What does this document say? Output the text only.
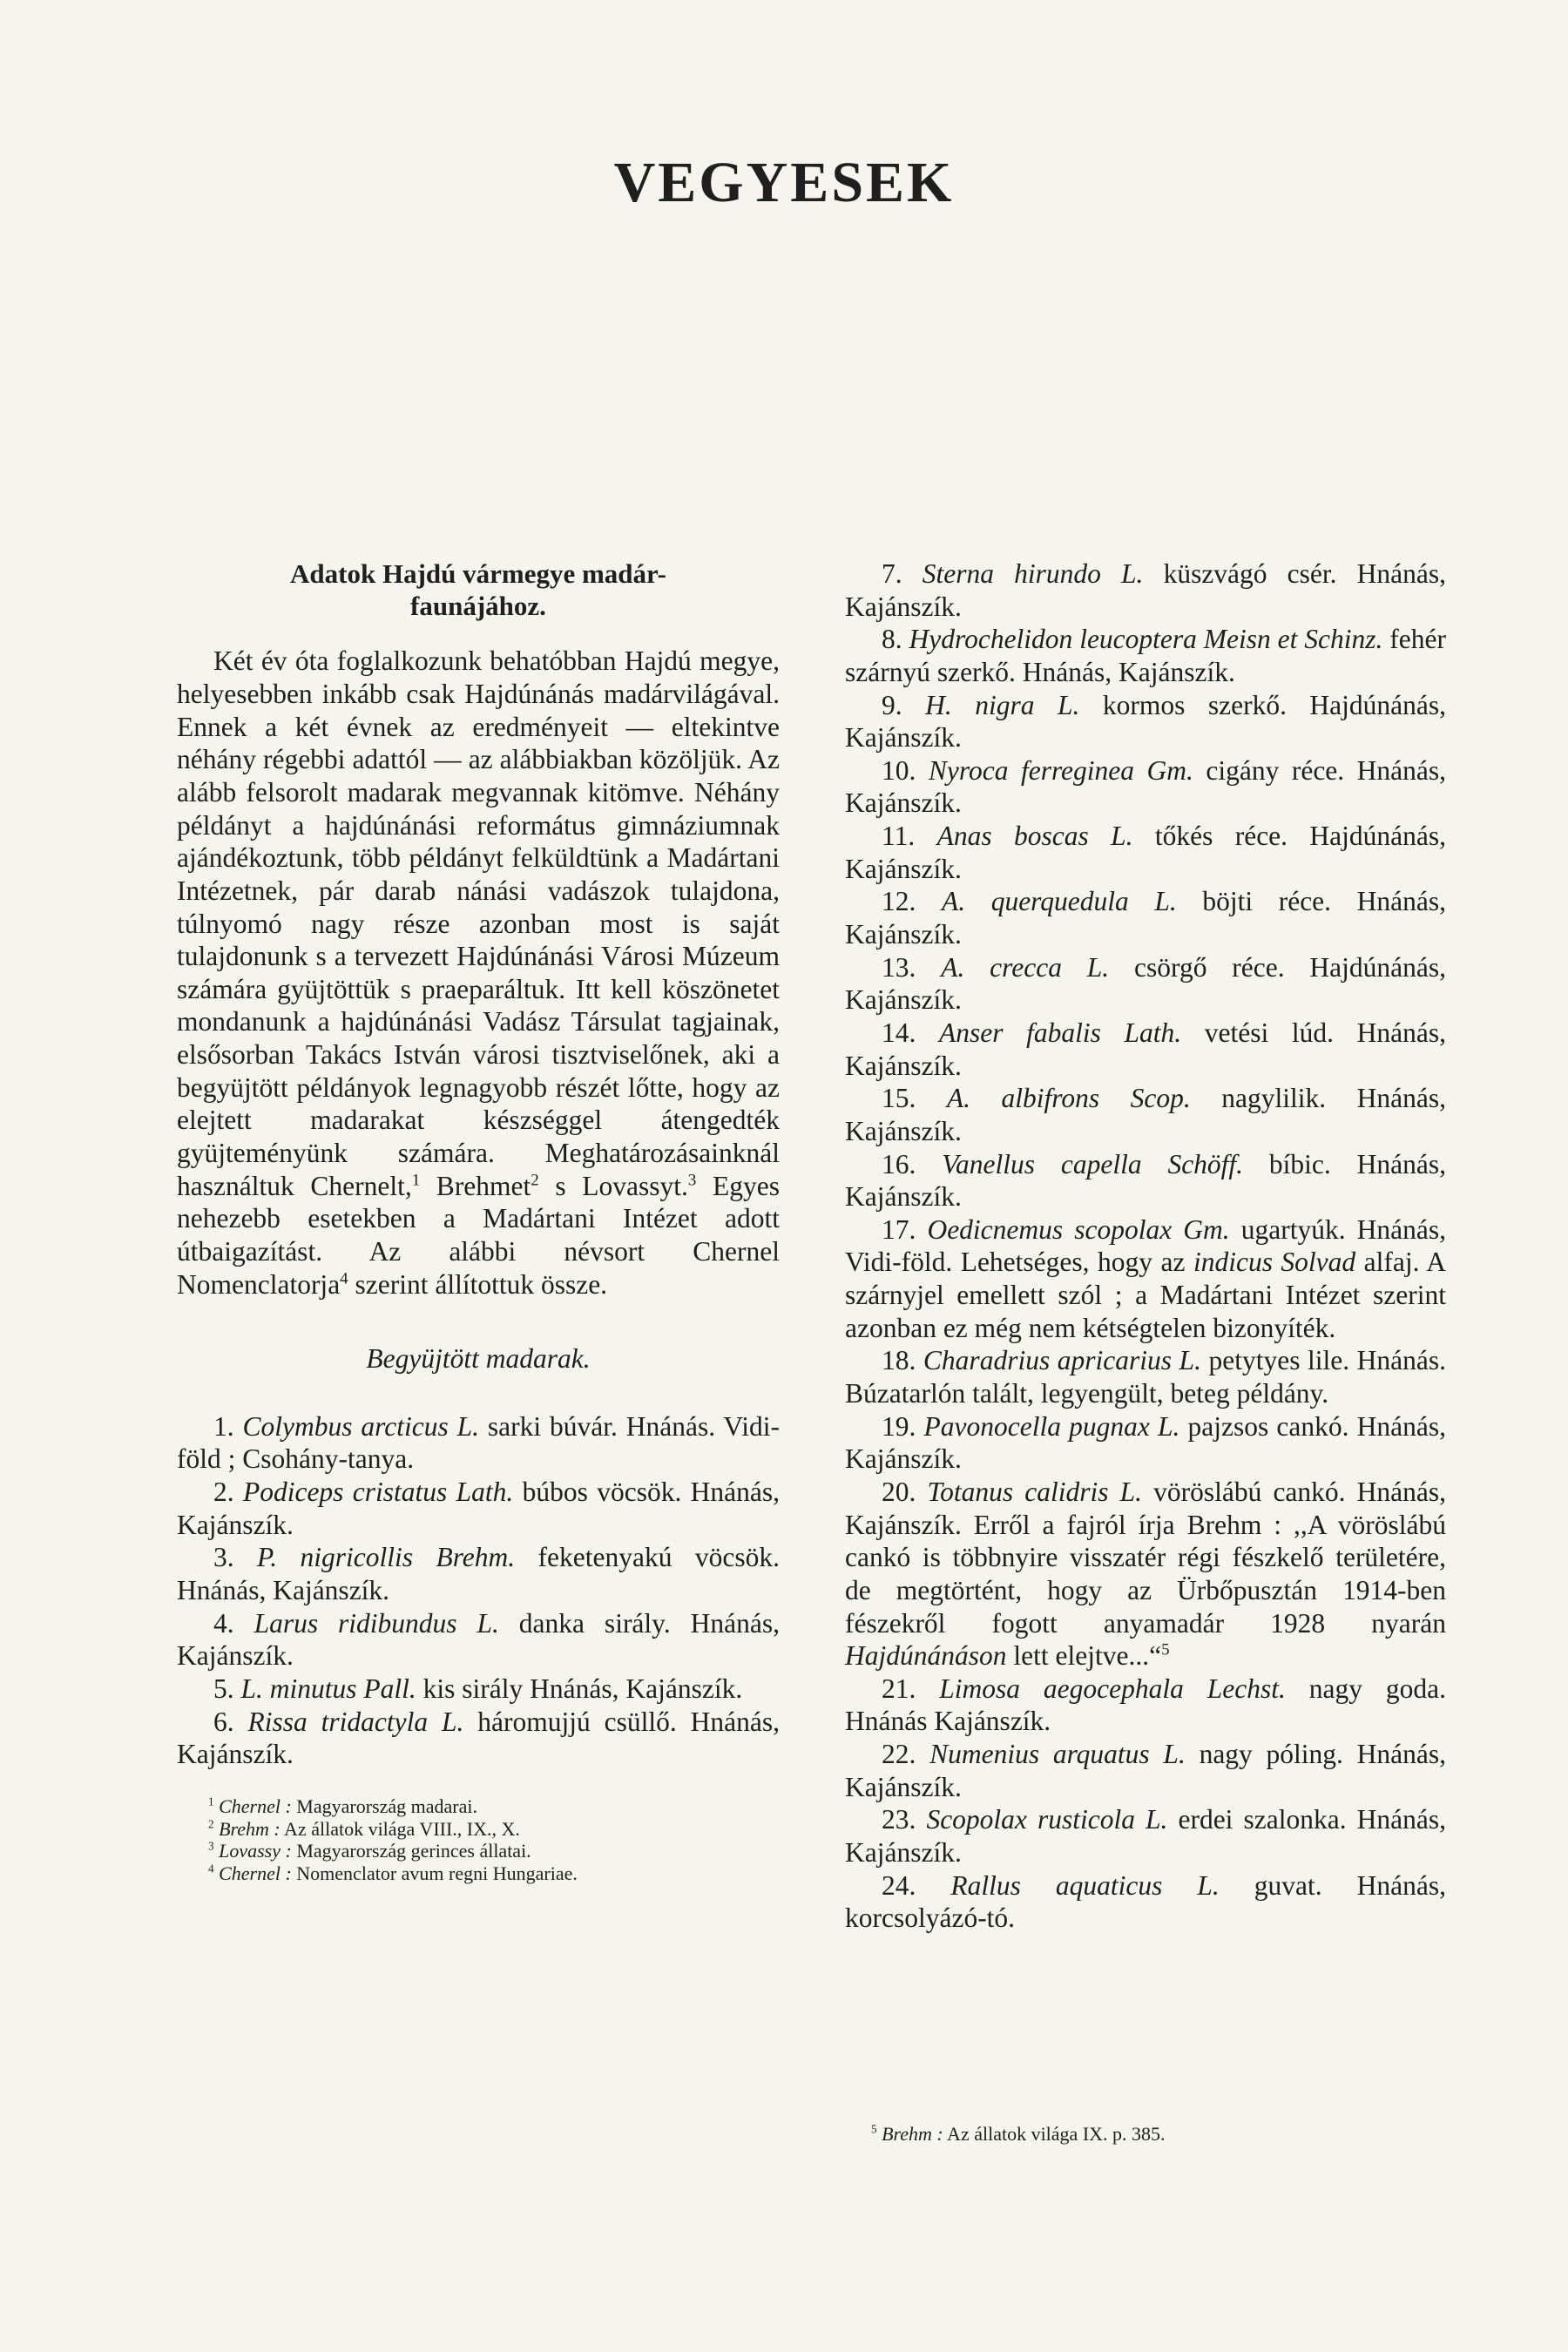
VEGYESEK

Adatok Hajdú vármegye madár-
faunájához.

Két év óta foglalkozunk behatóbban Hajdú megye, helyesebben inkább csak Hajdúnánás madárvilágával. Ennek a két évnek az eredményeit — eltekintve néhány régebbi adattól — az alábbiakban közöljük. Az alább felsorolt madarak megvannak kitömve. Néhány példányt a hajdúnánási református gimnáziumnak ajándékoztunk, több példányt felküldtünk a Madártani Intézetnek, pár darab nánási vadászok tulajdona, túlnyomó nagy része azonban most is saját tulajdonunk s a tervezett Hajdúnánási Városi Múzeum számára gyüjtöttük s praeparáltuk. Itt kell köszönetet mondanunk a hajdúnánási Vadász Társulat tagjainak, elsősorban Takács István városi tisztviselőnek, aki a begyüjtött példányok legnagyobb részét lőtte, hogy az elejtett madarakat készséggel átengedték gyüjteményünk számára. Meghatározásainknál használtuk Chernelt,$^1$ Brehmet$^2$ s Lovassyt.$^3$ Egyes nehezebb esetekben a Madártani Intézet adott útbaigazítást. Az alábbi névsort Chernel Nomenclatorja$^4$ szerint állítottuk össze.

Begyüjtött madarak.

1. Colymbus arcticus L. sarki búvár. Hnánás. Vidi-föld ; Csohány-tanya.

2. Podiceps cristatus Lath. búbos vöcsök. Hnánás, Kajánszík.

3. P. nigricollis Brehm. feketenyakú vöcsök. Hnánás, Kajánszík.

4. Larus ridibundus L. danka sirály. Hnánás, Kajánszík.

5. L. minutus Pall. kis sirály Hnánás, Kajánszík.

6. Rissa tridactyla L. háromujjú csüllő. Hnánás, Kajánszík.

$^1$ Chernel : Magyarország madarai.

$^2$ Brehm : Az állatok világa VIII., IX., X.

$^3$ Lovassy : Magyarország gerinces állatai.

$^4$ Chernel : Nomenclator avum regni Hungariae.

7. Sterna hirundo L. küszvágó csér. Hnánás, Kajánszík.

8. Hydrochelidon leucoptera Meisn et Schinz. fehér szárnyú szerkő. Hnánás, Kajánszík.

9. H. nigra L. kormos szerkő. Hajdúnánás, Kajánszík.

10. Nyroca ferreginea Gm. cigány réce. Hnánás, Kajánszík.

11. Anas boscas L. tőkés réce. Hajdúnánás, Kajánszík.

12. A. querquedula L. böjti réce. Hnánás, Kajánszík.

13. A. crecca L. csörgő réce. Hajdúnánás, Kajánszík.

14. Anser fabalis Lath. vetési lúd. Hnánás, Kajánszík.

15. A. albifrons Scop. nagylilik. Hnánás, Kajánszík.

16. Vanellus capella Schöff. bíbic. Hnánás, Kajánszík.

17. Oedicnemus scopolax Gm. ugartyúk. Hnánás, Vidi-föld. Lehetséges, hogy az indicus Solvad alfaj. A szárnyjel emellett szól ; a Madártani Intézet szerint azonban ez még nem kétségtelen bizonyíték.

18. Charadrius apricarius L. petytyes lile. Hnánás. Búzatarlón talált, legyengült, beteg példány.

19. Pavonocella pugnax L. pajzsos cankó. Hnánás, Kajánszík.

20. Totanus calidris L. vöröslábú cankó. Hnánás, Kajánszík. Erről a fajról írja Brehm : ,,A vöröslábú cankó is többnyire visszatér régi fészkelő területére, de megtörtént, hogy az Ürbőpusztán 1914-ben fészekről fogott anyamadár 1928 nyarán Hajdúnánáson lett elejtve...“$^5$

21. Limosa aegocephala Lechst. nagy goda. Hnánás Kajánszík.

22. Numenius arquatus L. nagy póling. Hnánás, Kajánszík.

23. Scopolax rusticola L. erdei szalonka. Hnánás, Kajánszík.

24. Rallus aquaticus L. guvat. Hnánás, korcsolyázó-tó.

$^5$ Brehm : Az állatok világa IX. p. 385.
